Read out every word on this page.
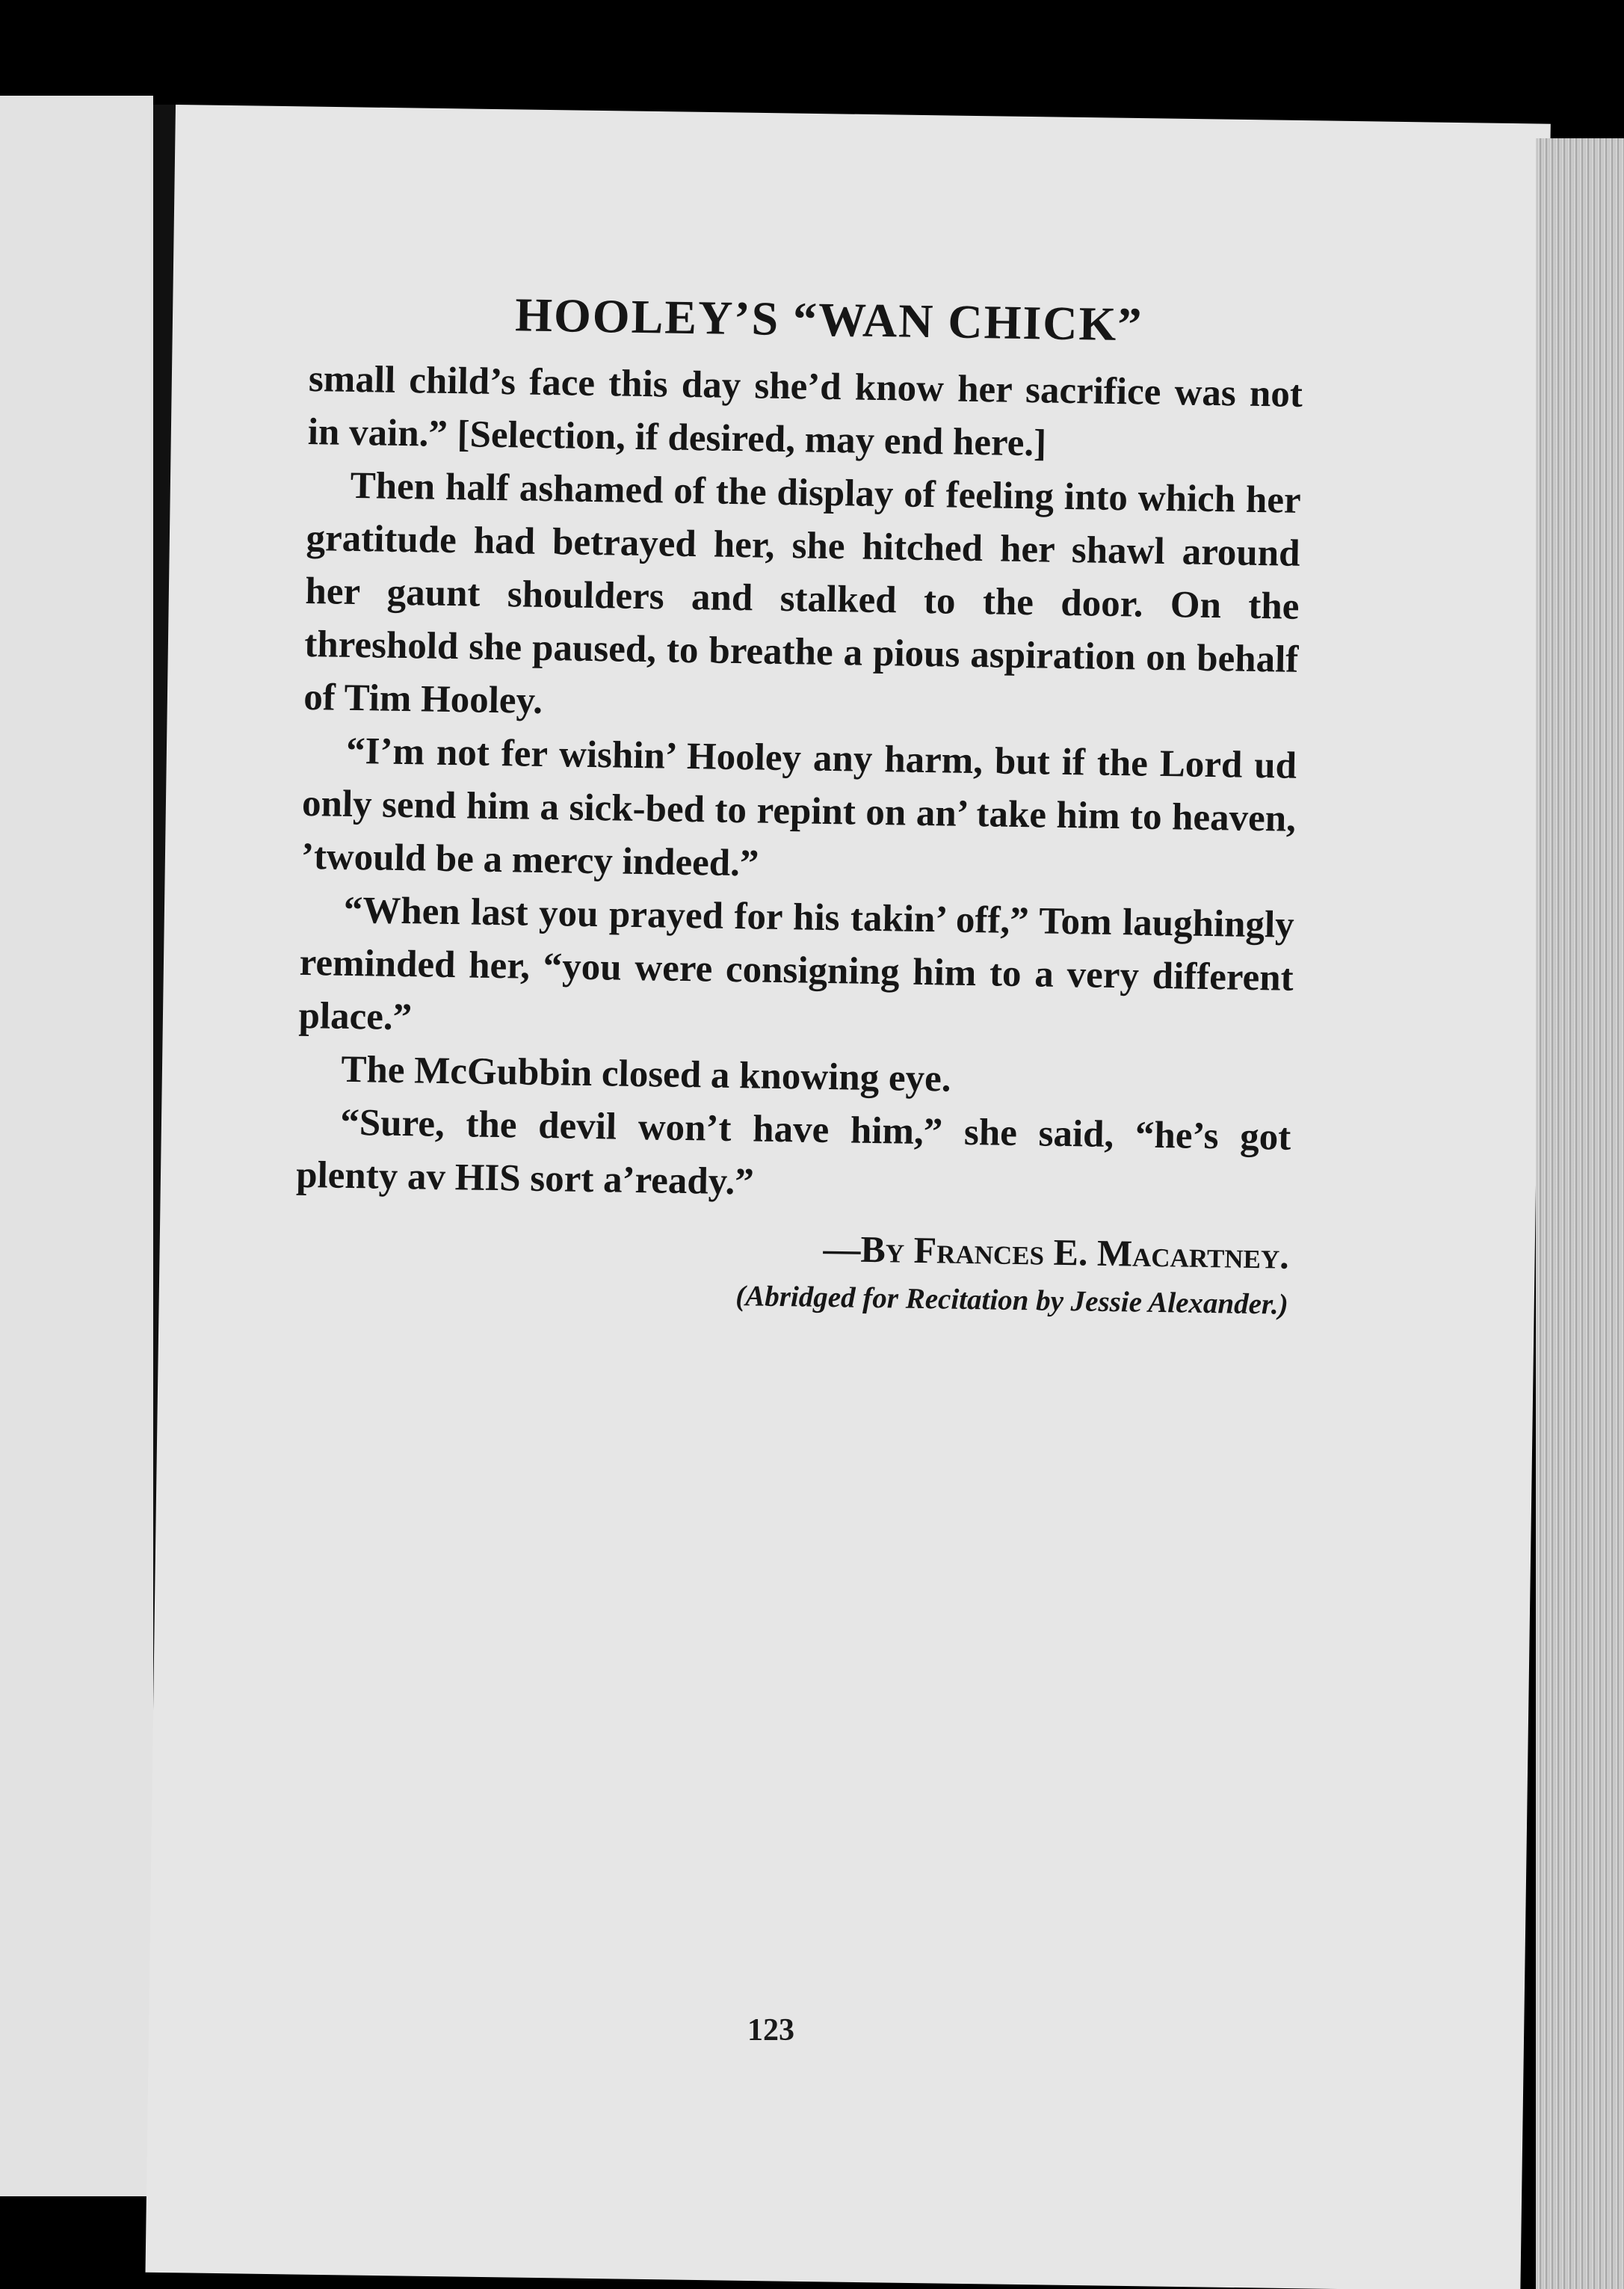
HOOLEY’S “WAN CHICK”

small child’s face this day she’d know her sacrifice was not in vain.” [Selection, if desired, may end here.]

Then half ashamed of the display of feeling into which her gratitude had betrayed her, she hitched her shawl around her gaunt shoulders and stalked to the door. On the threshold she paused, to breathe a pious aspiration on behalf of Tim Hooley.

“I’m not fer wishin’ Hooley any harm, but if the Lord ud only send him a sick-bed to repint on an’ take him to heaven, ’twould be a mercy indeed.”

“When last you prayed for his takin’ off,” Tom laughingly reminded her, “you were consigning him to a very different place.”

The McGubbin closed a knowing eye.

“Sure, the devil won’t have him,” she said, “he’s got plenty av HIS sort a’ready.”

—By Frances E. Macartney.
(Abridged for Recitation by Jessie Alexander.)
123
